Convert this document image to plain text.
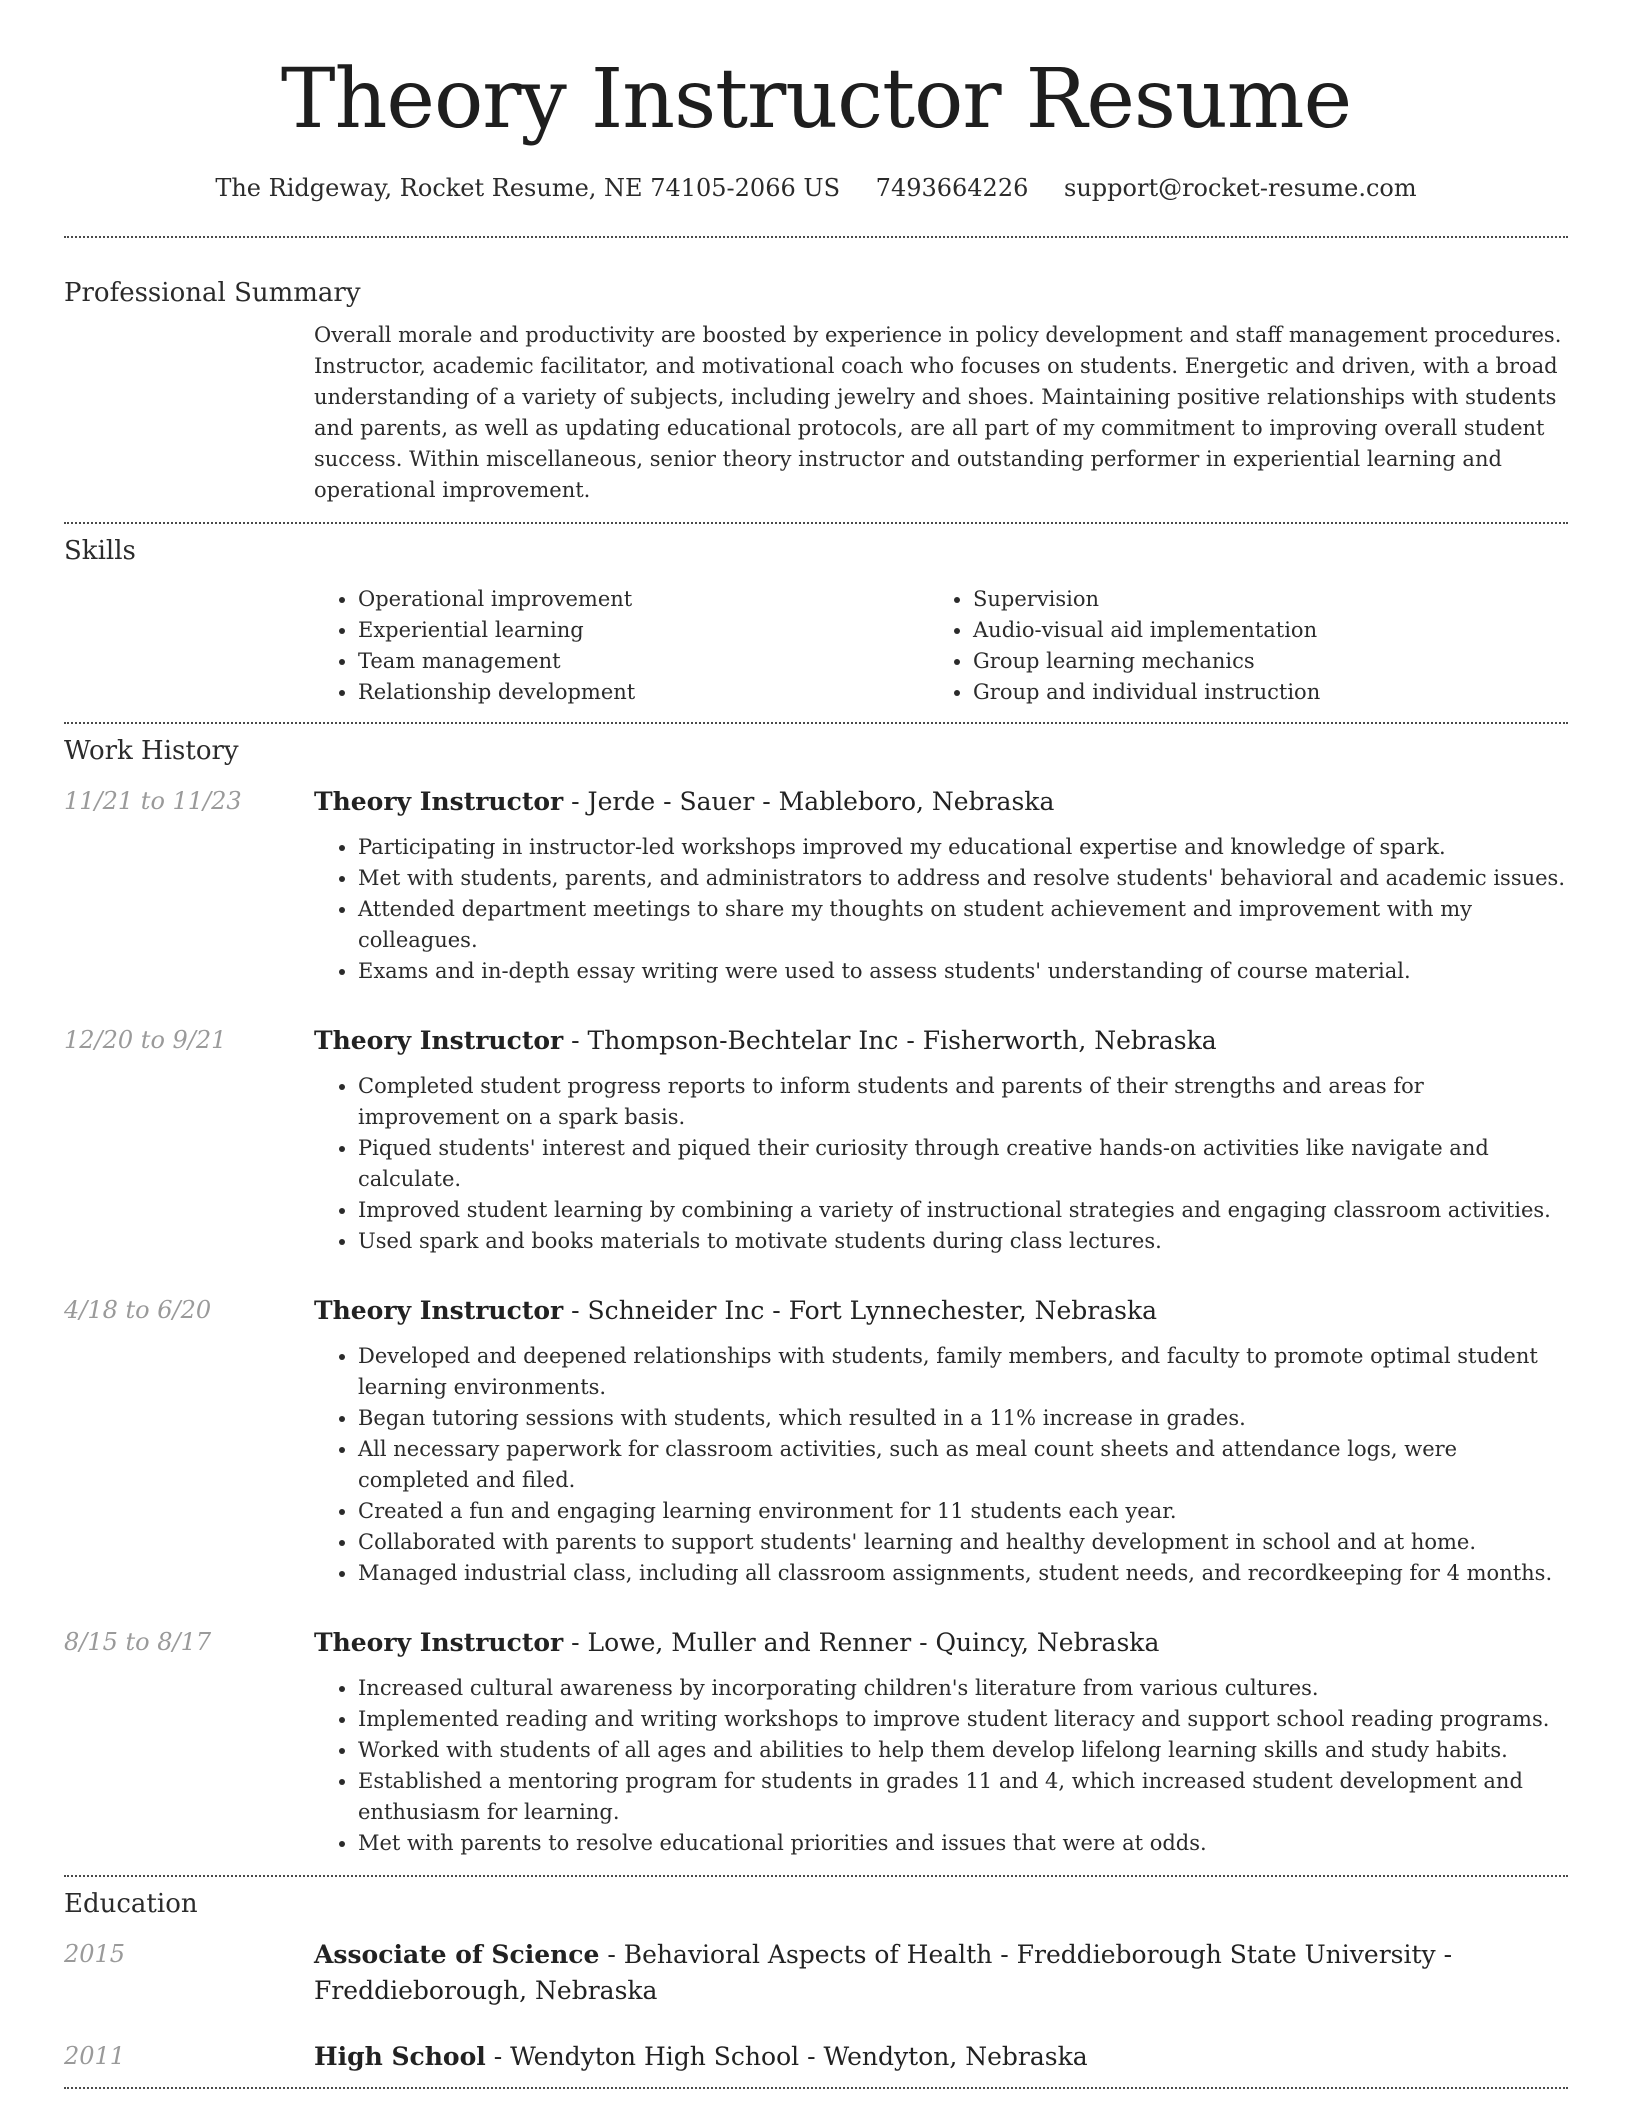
Theory Instructor Resume
The Ridgeway, Rocket Resume, NE 74105-2066 US 7493664226 support@rocket-resume.com
Professional Summary
Overall morale and productivity are boosted by experience in policy development and staff management procedures. Instructor, academic facilitator, and motivational coach who focuses on students. Energetic and driven, with a broad understanding of a variety of subjects, including jewelry and shoes. Maintaining positive relationships with students and parents, as well as updating educational protocols, are all part of my commitment to improving overall student success. Within miscellaneous, senior theory instructor and outstanding performer in experiential learning and operational improvement.
Skills
• Operational improvement
• Experiential learning
• Team management
• Relationship development
• Supervision
• Audio-visual aid implementation
• Group learning mechanics
• Group and individual instruction
Work History
11/21 to 11/23	Theory Instructor - Jerde - Sauer - Mableboro, Nebraska
• Participating in instructor-led workshops improved my educational expertise and knowledge of spark.
• Met with students, parents, and administrators to address and resolve students' behavioral and academic issues.
• Attended department meetings to share my thoughts on student achievement and improvement with my colleagues.
• Exams and in-depth essay writing were used to assess students' understanding of course material.
12/20 to 9/21	Theory Instructor - Thompson-Bechtelar Inc - Fisherworth, Nebraska
• Completed student progress reports to inform students and parents of their strengths and areas for improvement on a spark basis.
• Piqued students' interest and piqued their curiosity through creative hands-on activities like navigate and calculate.
• Improved student learning by combining a variety of instructional strategies and engaging classroom activities.
• Used spark and books materials to motivate students during class lectures.
4/18 to 6/20	Theory Instructor - Schneider Inc - Fort Lynnechester, Nebraska
• Developed and deepened relationships with students, family members, and faculty to promote optimal student learning environments.
• Began tutoring sessions with students, which resulted in a 11% increase in grades.
• All necessary paperwork for classroom activities, such as meal count sheets and attendance logs, were completed and filed.
• Created a fun and engaging learning environment for 11 students each year.
• Collaborated with parents to support students' learning and healthy development in school and at home.
• Managed industrial class, including all classroom assignments, student needs, and recordkeeping for 4 months.
8/15 to 8/17	Theory Instructor - Lowe, Muller and Renner - Quincy, Nebraska
• Increased cultural awareness by incorporating children's literature from various cultures.
• Implemented reading and writing workshops to improve student literacy and support school reading programs.
• Worked with students of all ages and abilities to help them develop lifelong learning skills and study habits.
• Established a mentoring program for students in grades 11 and 4, which increased student development and enthusiasm for learning.
• Met with parents to resolve educational priorities and issues that were at odds.
Education
2015	Associate of Science - Behavioral Aspects of Health - Freddieborough State University - Freddieborough, Nebraska
2011	High School - Wendyton High School - Wendyton, Nebraska
